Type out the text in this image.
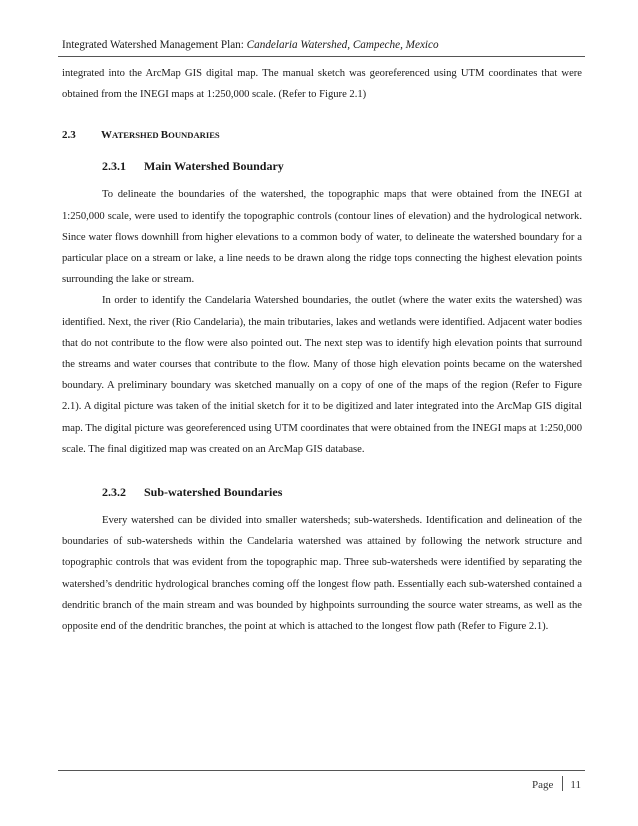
Integrated Watershed Management Plan: Candelaria Watershed, Campeche, Mexico

integrated into the ArcMap GIS digital map. The manual sketch was georeferenced using UTM coordinates that were obtained from the INEGI maps at 1:250,000 scale. (Refer to Figure 2.1)

2.3 WATERSHED BOUNDARIES
2.3.1 Main Watershed Boundary

To delineate the boundaries of the watershed, the topographic maps that were obtained from the INEGI at 1:250,000 scale, were used to identify the topographic controls (contour lines of elevation) and the hydrological network. Since water flows downhill from higher elevations to a common body of water, to delineate the watershed boundary for a particular place on a stream or lake, a line needs to be drawn along the ridge tops connecting the highest elevation points surrounding the lake or stream.

In order to identify the Candelaria Watershed boundaries, the outlet (where the water exits the watershed) was identified. Next, the river (Rio Candelaria), the main tributaries, lakes and wetlands were identified. Adjacent water bodies that do not contribute to the flow were also pointed out. The next step was to identify high elevation points that surround the streams and water courses that contribute to the flow. Many of those high elevation points became on the watershed boundary. A preliminary boundary was sketched manually on a copy of one of the maps of the region (Refer to Figure 2.1). A digital picture was taken of the initial sketch for it to be digitized and later integrated into the ArcMap GIS digital map. The digital picture was georeferenced using UTM coordinates that were obtained from the INEGI maps at 1:250,000 scale. The final digitized map was created on an ArcMap GIS database.

2.3.2 Sub-watershed Boundaries

Every watershed can be divided into smaller watersheds; sub-watersheds. Identification and delineation of the boundaries of sub-watersheds within the Candelaria watershed was attained by following the network structure and topographic controls that was evident from the topographic map. Three sub-watersheds were identified by separating the watershed’s dendritic hydrological branches coming off the longest flow path. Essentially each sub-watershed contained a dendritic branch of the main stream and was bounded by highpoints surrounding the source water streams, as well as the opposite end of the dendritic branches, the point at which is attached to the longest flow path (Refer to Figure 2.1).

Page 11
